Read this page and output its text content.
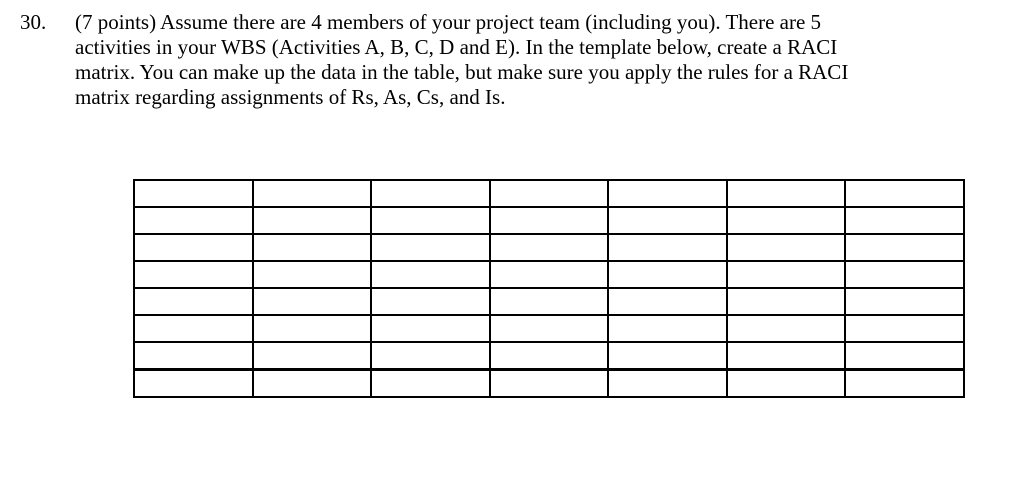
30. (7 points) Assume there are 4 members of your project team (including you). There are 5
activities in your WBS (Activities A, B, C, D and E). In the template below, create a RACI
matrix. You can make up the data in the table, but make sure you apply the rules for a RACI
matrix regarding assignments of Rs, As, Cs, and Is.
